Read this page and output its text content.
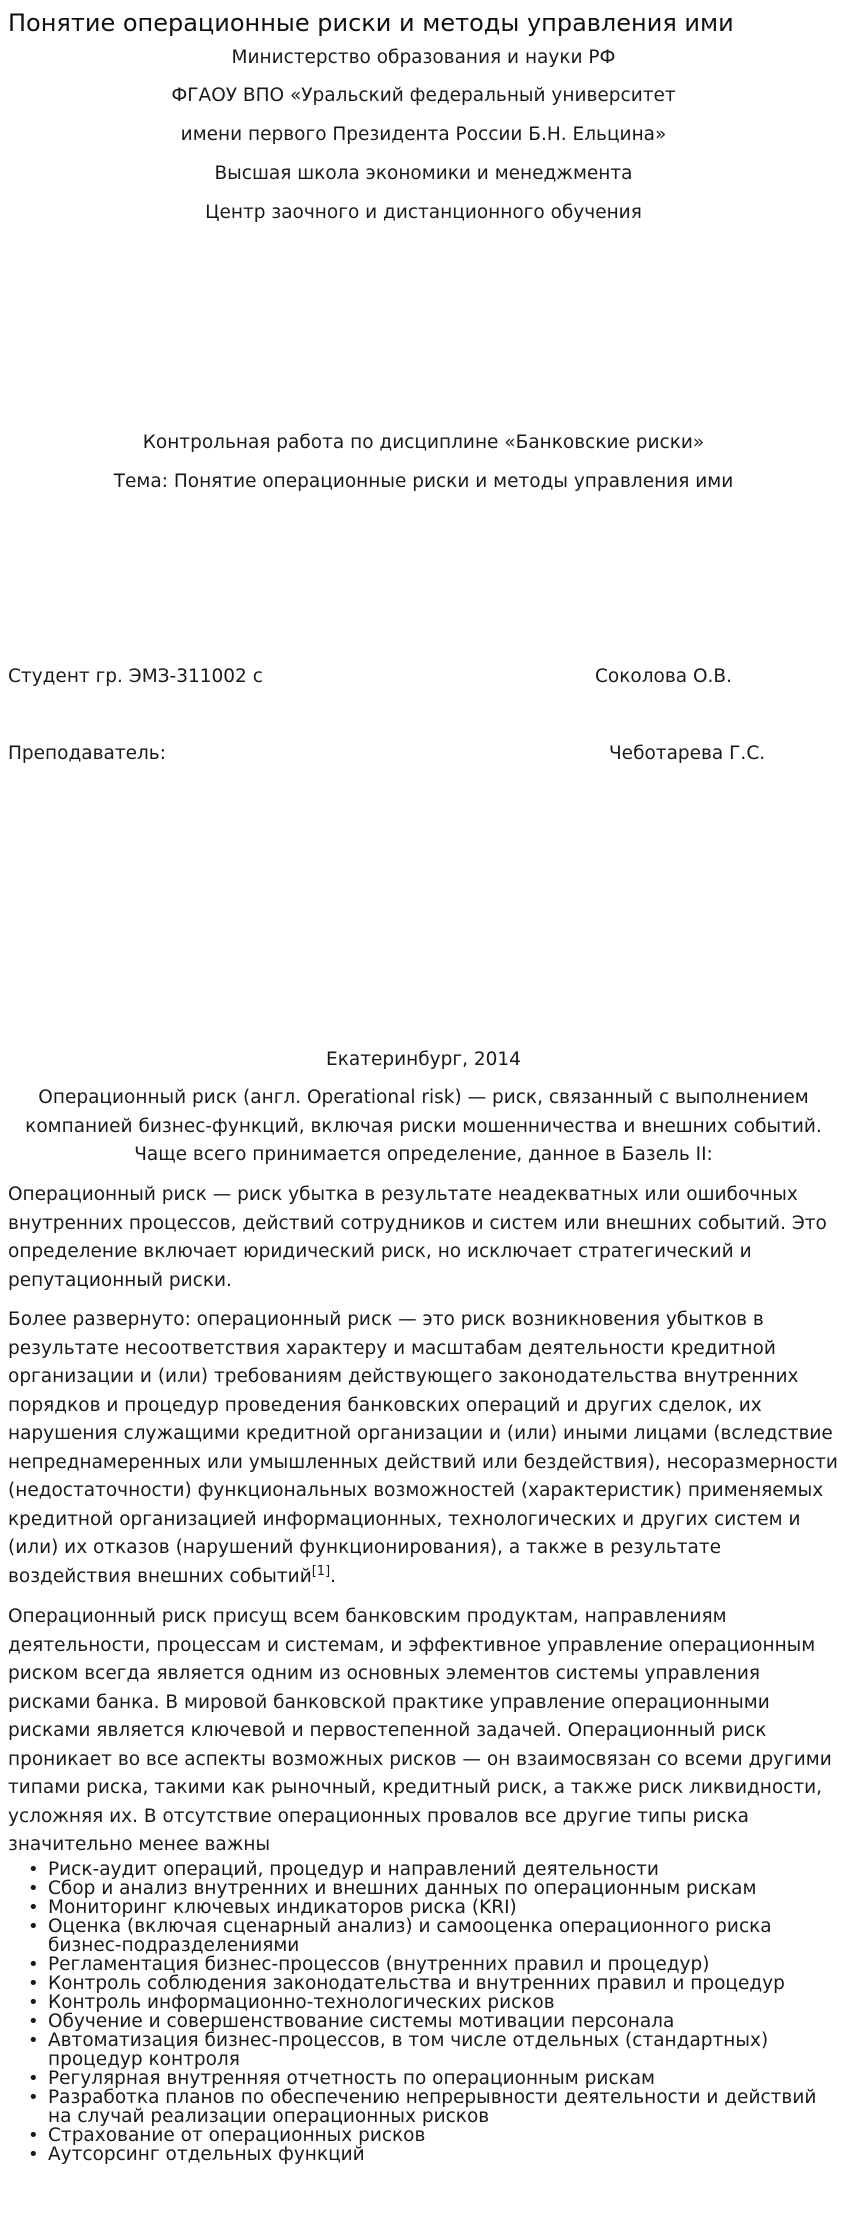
Понятие операционные риски и методы управления ими
Министерство образования и науки РФ
ФГАОУ ВПО «Уральский федеральный университет
имени первого Президента России Б.Н. Ельцина»
Высшая школа экономики и менеджмента
Центр заочного и дистанционного обучения
Контрольная работа по дисциплине «Банковские риски»
Тема: Понятие операционные риски и методы управления ими
Студент гр. ЭМЗ-311002 с	Соколова О.В.
Преподаватель:	Чеботарева Г.С.
Екатеринбург, 2014

Операционный риск (англ. Operational risk) — риск, связанный с выполнением компанией бизнес-функций, включая риски мошенничества и внешних событий. Чаще всего принимается определение, данное в Базель II:

Операционный риск — риск убытка в результате неадекватных или ошибочных внутренних процессов, действий сотрудников и систем или внешних событий. Это определение включает юридический риск, но исключает стратегический и репутационный риски.

Более развернуто: операционный риск — это риск возникновения убытков в результате несоответствия характеру и масштабам деятельности кредитной организации и (или) требованиям действующего законодательства внутренних порядков и процедур проведения банковских операций и других сделок, их нарушения служащими кредитной организации и (или) иными лицами (вследствие непреднамеренных или умышленных действий или бездействия), несоразмерности (недостаточности) функциональных возможностей (характеристик) применяемых кредитной организацией информационных, технологических и других систем и (или) их отказов (нарушений функционирования), а также в результате воздействия внешних событий[1].

Операционный риск присущ всем банковским продуктам, направлениям деятельности, процессам и системам, и эффективное управление операционным риском всегда является одним из основных элементов системы управления рисками банка. В мировой банковской практике управление операционными рисками является ключевой и первостепенной задачей. Операционный риск проникает во все аспекты возможных рисков — он взаимосвязан со всеми другими типами риска, такими как рыночный, кредитный риск, а также риск ликвидности, усложняя их. В отсутствие операционных провалов все другие типы риска значительно менее важны

• Риск-аудит операций, процедур и направлений деятельности
• Сбор и анализ внутренних и внешних данных по операционным рискам
• Мониторинг ключевых индикаторов риска (KRI)
• Оценка (включая сценарный анализ) и самооценка операционного риска бизнес-подразделениями
• Регламентация бизнес-процессов (внутренних правил и процедур)
• Контроль соблюдения законодательства и внутренних правил и процедур
• Контроль информационно-технологических рисков
• Обучение и совершенствование системы мотивации персонала
• Автоматизация бизнес-процессов, в том числе отдельных (стандартных) процедур контроля
• Регулярная внутренняя отчетность по операционным рискам
• Разработка планов по обеспечению непрерывности деятельности и действий на случай реализации операционных рисков
• Страхование от операционных рисков
• Аутсорсинг отдельных функций
